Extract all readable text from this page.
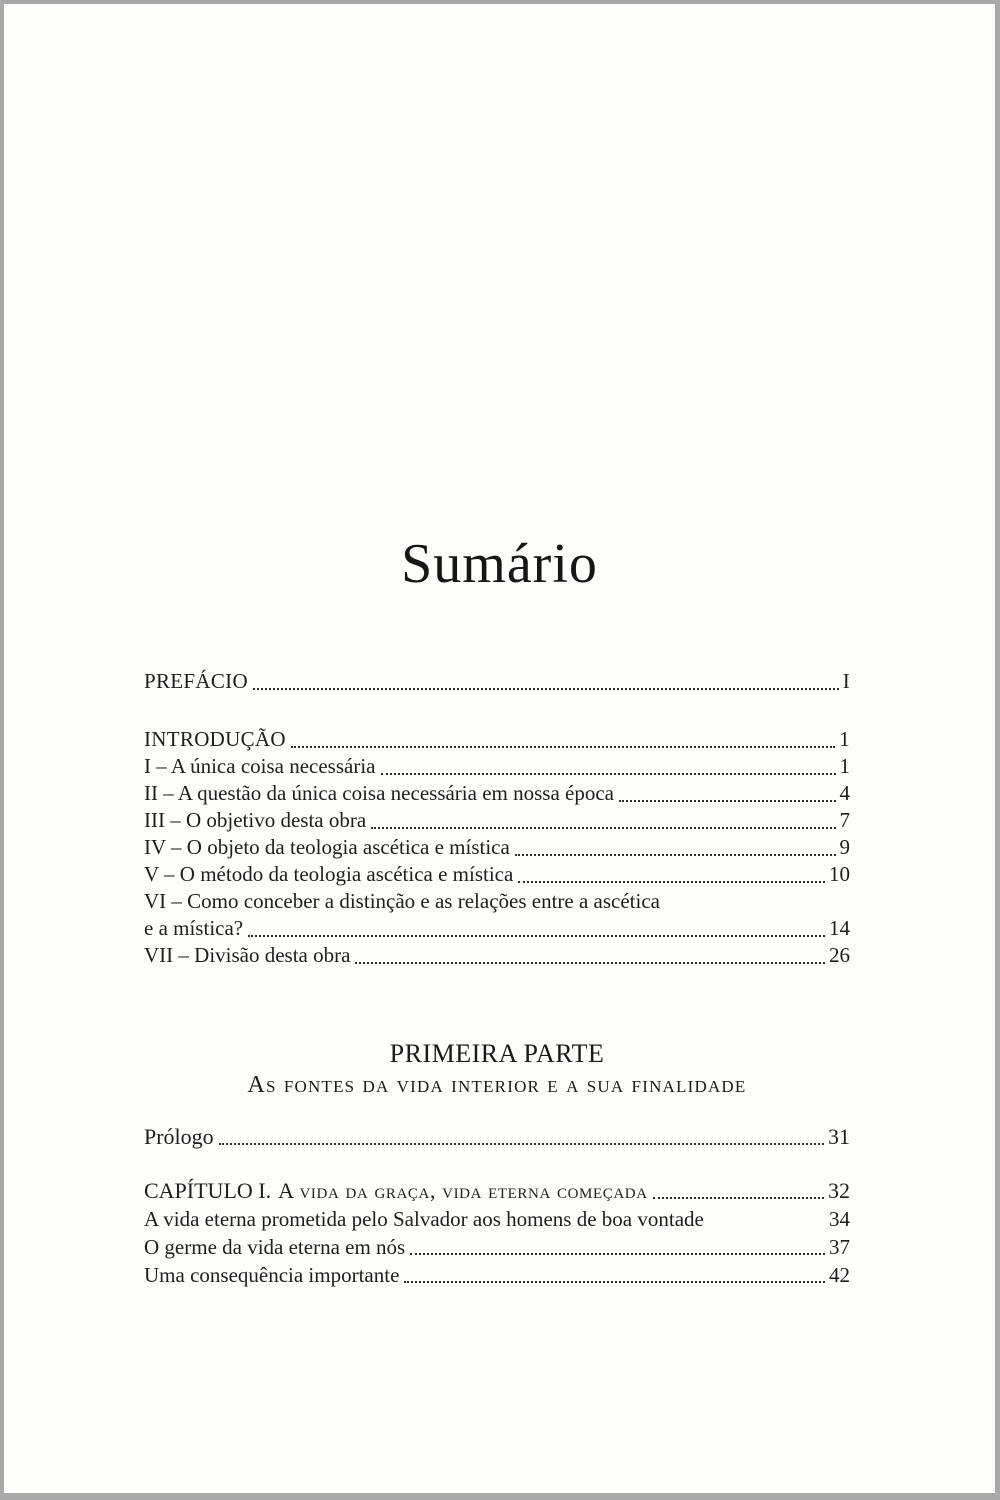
Sumário
PREFÁCIO	I
INTRODUÇÃO	1
I – A única coisa necessária	1
II – A questão da única coisa necessária em nossa época	4
III – O objetivo desta obra	7
IV – O objeto da teologia ascética e mística	9
V – O método da teologia ascética e mística	10
VI – Como conceber a distinção e as relações entre a ascética
e a mística?	14
VII – Divisão desta obra	26
PRIMEIRA PARTE
As fontes da vida interior e a sua finalidade
Prólogo	31
CAPÍTULO I. A vida da graça, vida eterna começada	32
A vida eterna prometida pelo Salvador aos homens de boa vontade	34
O germe da vida eterna em nós	37
Uma consequência importante	42
